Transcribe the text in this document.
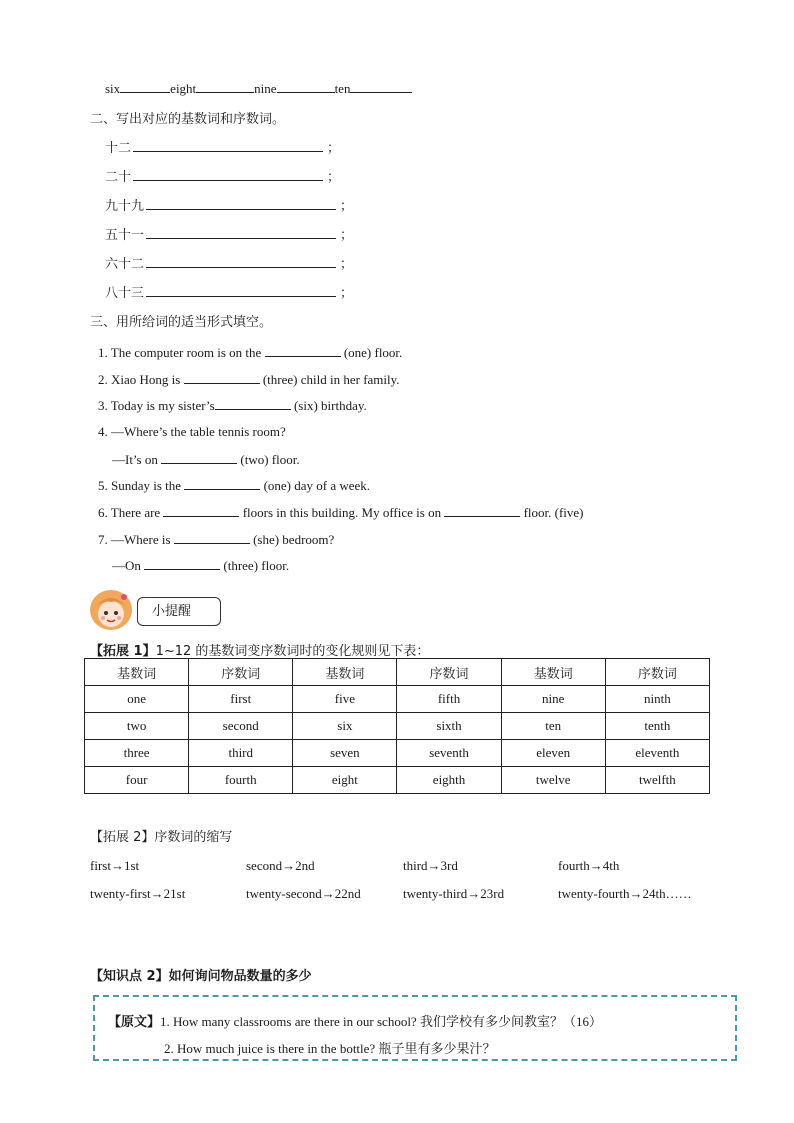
six	eight	nine	ten
二、写出对应的基数词和序数词。
十二	；
二十	；
九十九	；
五十一	；
六十二	；
八十三	；
三、用所给词的适当形式填空。
1. The computer room is on the	(one) floor.
2. Xiao Hong is	(three) child in her family.
3. Today is my sister’s	(six) birthday.
4. —Where’s the table tennis room?
—It’s on	(two) floor.
5. Sunday is the	(one) day of a week.
6. There are	floors in this building. My office is on	floor. (five)
7. —Where is	(she) bedroom?
—On	(three) floor.
小提醒
【拓展 1】1~12 的基数词变序数词时的变化规则见下表：
基数词	序数词	基数词	序数词	基数词	序数词
one	first	five	fifth	nine	ninth
two	second	six	sixth	ten	tenth
three	third	seven	seventh	eleven	eleventh
four	fourth	eight	eighth	twelve	twelfth
【拓展 2】序数词的缩写
first→1st	second→2nd	third→3rd	fourth→4th
twenty-first→21st	twenty-second→22nd	twenty-third→23rd	twenty-fourth→24th……
【知识点 2】如何询问物品数量的多少
【原文】1. How many classrooms are there in our school? 我们学校有多少间教室？（16）
2. How much juice is there in the bottle? 瓶子里有多少果汁？
